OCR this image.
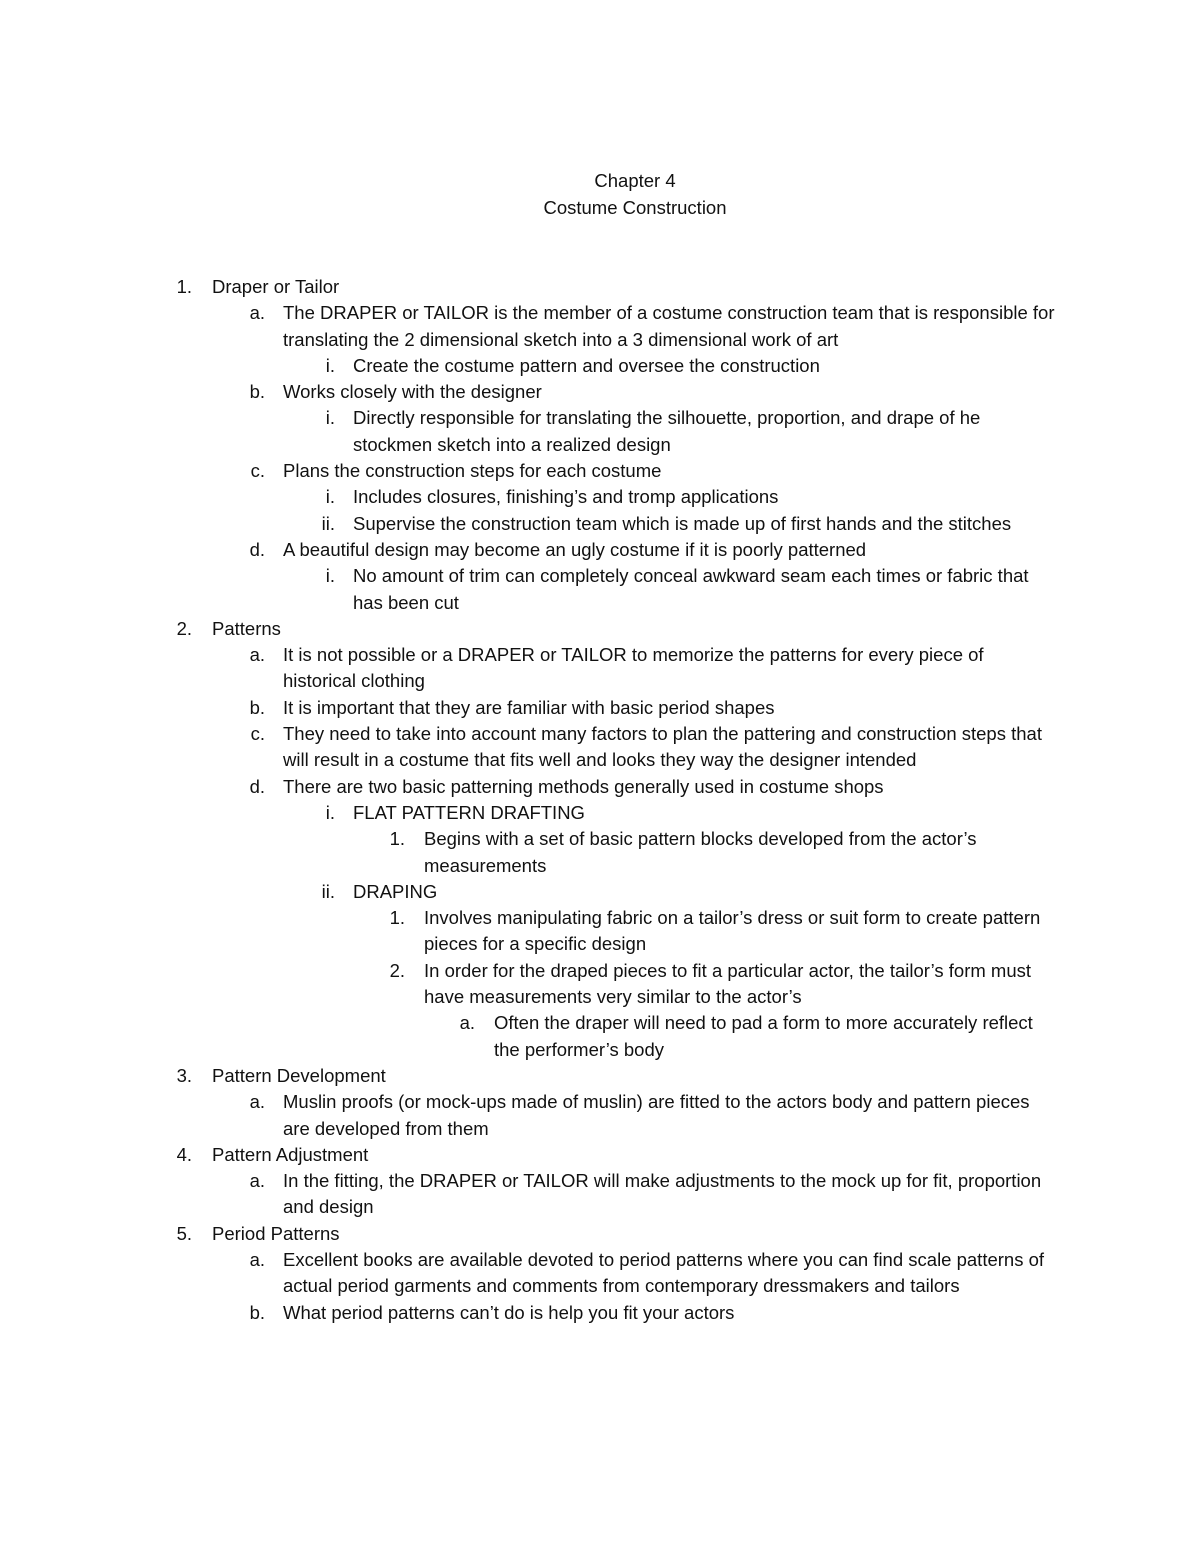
Chapter 4
Costume Construction
1. Draper or Tailor
a. The DRAPER or TAILOR is the member of a costume construction team that is responsible for translating the 2 dimensional sketch into a 3 dimensional work of art
i. Create the costume pattern and oversee the construction
b. Works closely with the designer
i. Directly responsible for translating the silhouette, proportion, and drape of he stockmen sketch into a realized design
c. Plans the construction steps for each costume
i. Includes closures, finishing’s and tromp applications
ii. Supervise the construction team which is made up of first hands and the stitches
d. A beautiful design may become an ugly costume if it is poorly patterned
i. No amount of trim can completely conceal awkward seam each times or fabric that has been cut
2. Patterns
a. It is not possible or a DRAPER or TAILOR to memorize the patterns for every piece of historical clothing
b. It is important that they are familiar with basic period shapes
c. They need to take into account many factors to plan the pattering and construction steps that will result in a costume that fits well and looks they way the designer intended
d. There are two basic patterning methods generally used in costume shops
i. FLAT PATTERN DRAFTING
1. Begins with a set of basic pattern blocks developed from the actor’s measurements
ii. DRAPING
1. Involves manipulating fabric on a tailor’s dress or suit form to create pattern pieces for a specific design
2. In order for the draped pieces to fit a particular actor, the tailor’s form must have measurements very similar to the actor’s
a. Often the draper will need to pad a form to more accurately reflect the performer’s body
3. Pattern Development
a. Muslin proofs (or mock-ups made of muslin) are fitted to the actors body and pattern pieces are developed from them
4. Pattern Adjustment
a. In the fitting, the DRAPER or TAILOR will make adjustments to the mock up for fit, proportion and design
5. Period Patterns
a. Excellent books are available devoted to period patterns where you can find scale patterns of actual period garments and comments from contemporary dressmakers and tailors
b. What period patterns can’t do is help you fit your actors
